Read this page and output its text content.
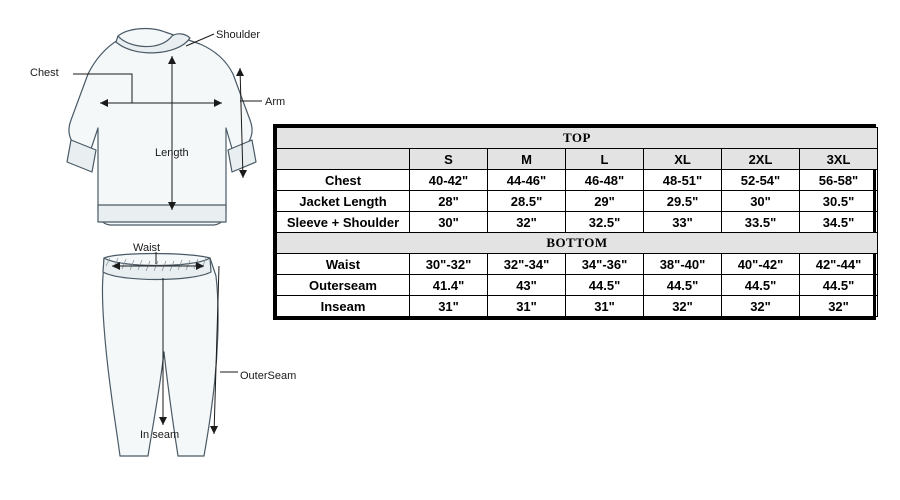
Shoulder
Chest
Arm
Length
Waist
OuterSeam
In seam
TOP						
	S	M	L	XL	2XL	3XL
Chest	40-42"	44-46"	46-48"	48-51"	52-54"	56-58"
Jacket Length	28"	28.5"	29"	29.5"	30"	30.5"
Sleeve + Shoulder	30"	32"	32.5"	33"	33.5"	34.5"
BOTTOM						
Waist	30"-32"	32"-34"	34"-36"	38"-40"	40"-42"	42"-44"
Outerseam	41.4"	43"	44.5"	44.5"	44.5"	44.5"
Inseam	31"	31"	31"	32"	32"	32"
